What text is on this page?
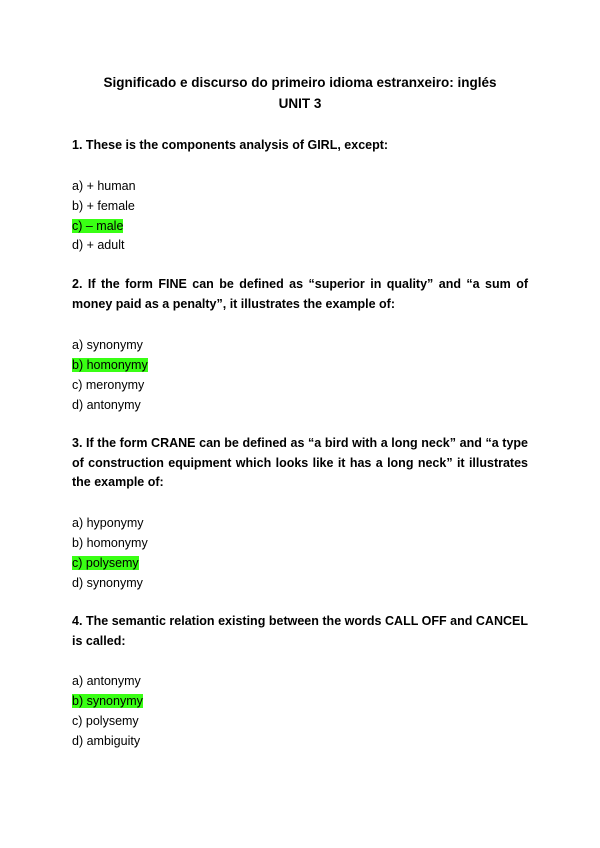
Significado e discurso do primeiro idioma estranxeiro: inglés
UNIT 3
1. These is the components analysis of GIRL, except:
a) + human
b) + female
c) – male
d) + adult
2. If the form FINE can be defined as “superior in quality” and “a sum of money paid as a penalty”, it illustrates the example of:
a) synonymy
b) homonymy
c) meronymy
d) antonymy
3. If the form CRANE can be defined as “a bird with a long neck” and “a type of construction equipment which looks like it has a long neck” it illustrates the example of:
a) hyponymy
b) homonymy
c) polysemy
d) synonymy
4. The semantic relation existing between the words CALL OFF and CANCEL is called:
a) antonymy
b) synonymy
c) polysemy
d) ambiguity
